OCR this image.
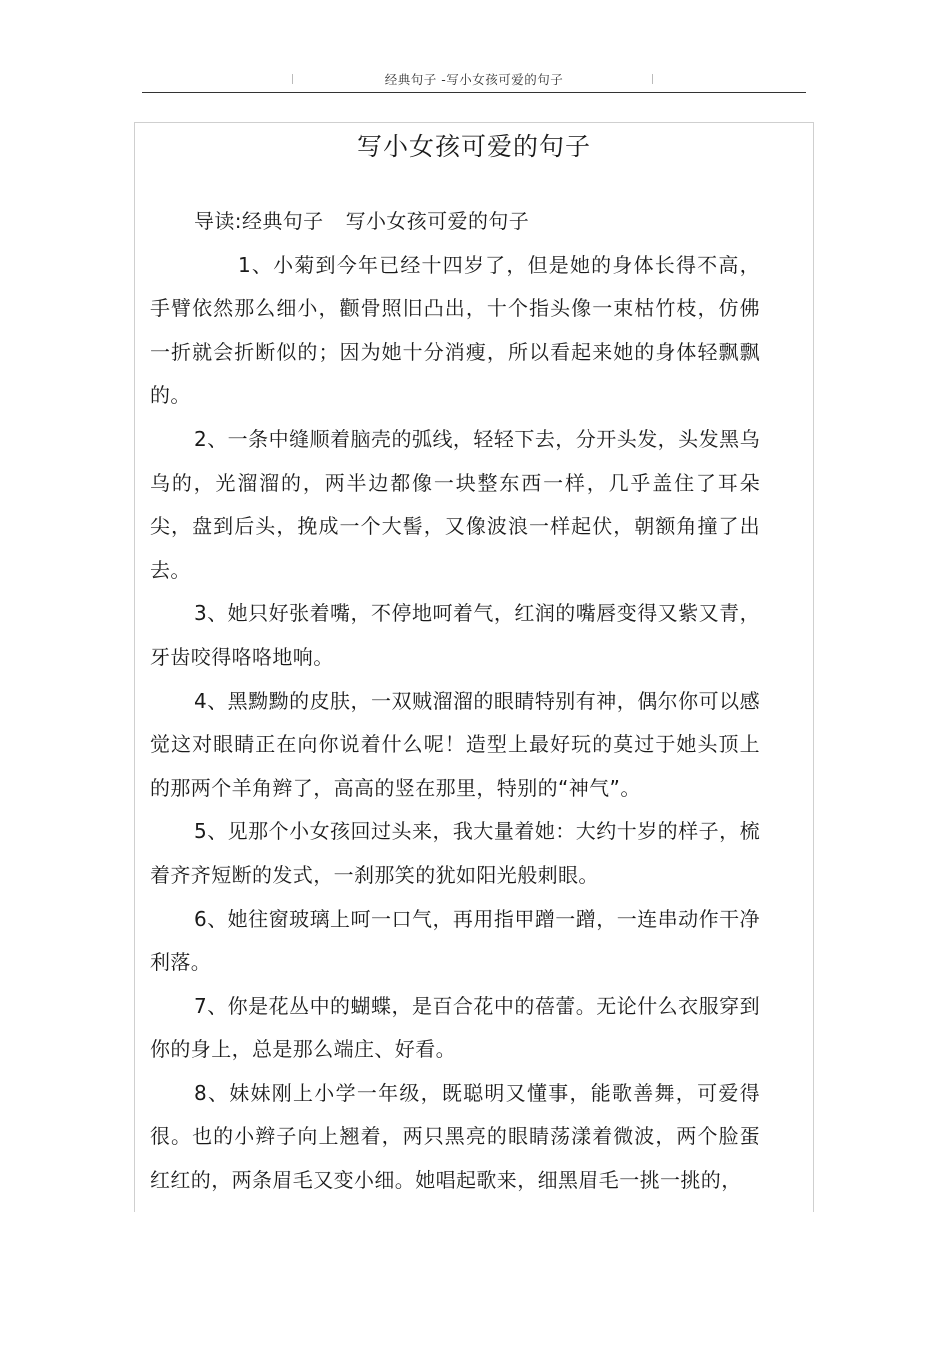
经典句子 -写小女孩可爱的句子
写小女孩可爱的句子

导读:经典句子 写小女孩可爱的句子

1、小菊到今年已经十四岁了，但是她的身体长得不高，手臂依然那么细小，颧骨照旧凸出，十个指头像一束枯竹枝，仿佛一折就会折断似的；因为她十分消瘦，所以看起来她的身体轻飘飘的。

2、一条中缝顺着脑壳的弧线，轻轻下去，分开头发，头发黑乌乌的，光溜溜的，两半边都像一块整东西一样，几乎盖住了耳朵尖，盘到后头，挽成一个大髻，又像波浪一样起伏，朝额角撞了出去。

3、她只好张着嘴，不停地呵着气，红润的嘴唇变得又紫又青，牙齿咬得咯咯地响。

4、黑黝黝的皮肤，一双贼溜溜的眼睛特别有神，偶尔你可以感觉这对眼睛正在向你说着什么呢！造型上最好玩的莫过于她头顶上的那两个羊角辫了，高高的竖在那里，特别的“神气”。

5、见那个小女孩回过头来，我大量着她：大约十岁的样子，梳着齐齐短断的发式，一刹那笑的犹如阳光般刺眼。

6、她往窗玻璃上呵一口气，再用指甲蹭一蹭，一连串动作干净利落。

7、你是花丛中的蝴蝶，是百合花中的蓓蕾。无论什么衣服穿到你的身上，总是那么端庄、好看。

8、妹妹刚上小学一年级，既聪明又懂事，能歌善舞，可爱得很。也的小辫子向上翘着，两只黑亮的眼睛荡漾着微波，两个脸蛋红红的，两条眉毛又变小细。她唱起歌来，细黑眉毛一挑一挑的，
